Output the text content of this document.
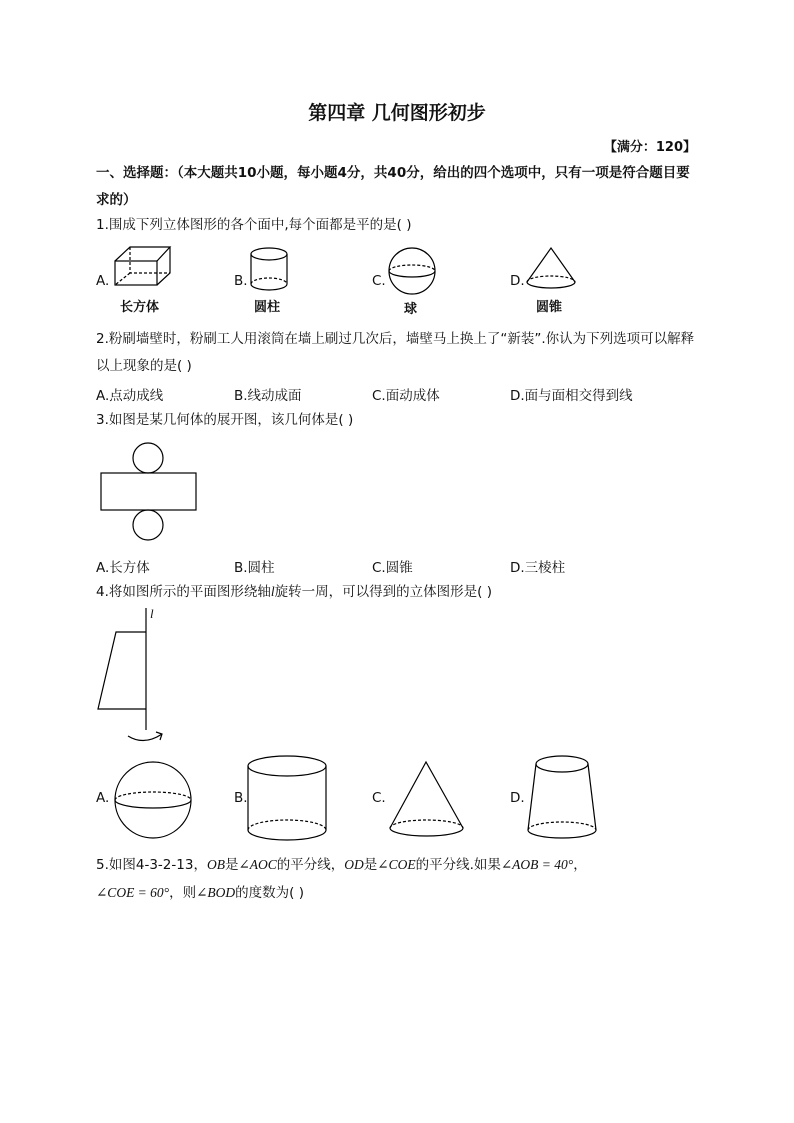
第四章 几何图形初步
【满分：120】
一、选择题：（本大题共10小题，每小题4分，共40分，给出的四个选项中，只有一项是符合题目要求的）
1.围成下列立体图形的各个面中,每个面都是平的是( )
A.
长方体
B.
圆柱
C.
球
D.
圆锥
2.粉刷墙壁时，粉刷工人用滚筒在墙上刷过几次后，墙壁马上换上了“新装”.你认为下列选项可以解释以上现象的是( )
A.点动成线	B.线动成面	C.面动成体	D.面与面相交得到线
3.如图是某几何体的展开图，该几何体是( )
A.长方体	B.圆柱	C.圆锥	D.三棱柱
4.将如图所示的平面图形绕轴l旋转一周，可以得到的立体图形是( )
l
A.	B.	C.	D.
5.如图4-3-2-13，OB是∠AOC的平分线，OD是∠COE的平分线.如果∠AOB = 40°，
∠COE = 60°，则∠BOD的度数为( )
